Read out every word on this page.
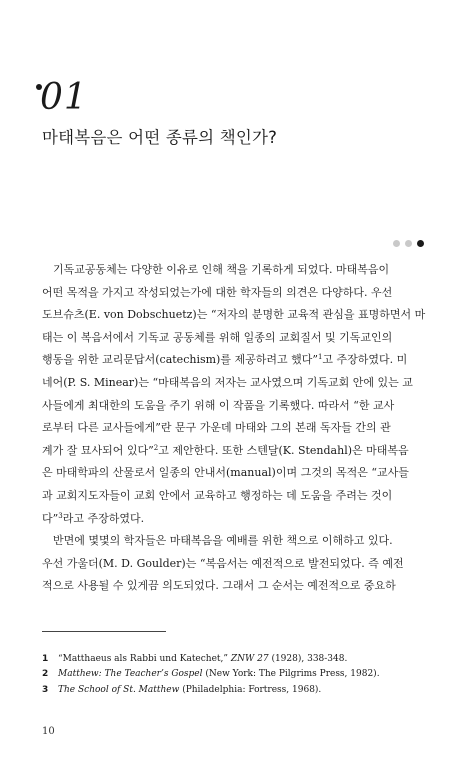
01
마태복음은 어떤 종류의 책인가?
기독교공동체는 다양한 이유로 인해 책을 기록하게 되었다. 마태복음이
어떤 목적을 가지고 작성되었는가에 대한 학자들의 의견은 다양하다. 우선
도브슈츠(E. von Dobschuetz)는 “저자의 분명한 교육적 관심을 표명하면서 마
태는 이 복음서에서 기독교 공동체를 위해 일종의 교회질서 및 기독교인의
행동을 위한 교리문답서(catechism)를 제공하려고 했다”$^1$고 주장하였다. 미
네어(P. S. Minear)는 “마태복음의 저자는 교사였으며 기독교회 안에 있는 교
사들에게 최대한의 도움을 주기 위해 이 작품을 기록했다. 따라서 “한 교사
로부터 다른 교사들에게”란 문구 가운데 마태와 그의 본래 독자들 간의 관
계가 잘 묘사되어 있다”$^2$고 제안한다. 또한 스텐달(K. Stendahl)은 마태복음
은 마태학파의 산물로서 일종의 안내서(manual)이며 그것의 목적은 “교사들
과 교회지도자들이 교회 안에서 교육하고 행정하는 데 도움을 주려는 것이
다”$^3$라고 주장하였다.
반면에 몇몇의 학자들은 마태복음을 예배를 위한 책으로 이해하고 있다.
우선 가울더(M. D. Goulder)는 “복음서는 예전적으로 발전되었다. 즉 예전
적으로 사용될 수 있게끔 의도되었다. 그래서 그 순서는 예전적으로 중요하
1	“Matthaeus als Rabbi und Katechet,” ZNW 27 (1928), 338-348.
2	Matthew: The Teacher’s Gospel (New York: The Pilgrims Press, 1982).
3	The School of St. Matthew (Philadelphia: Fortress, 1968).
10
